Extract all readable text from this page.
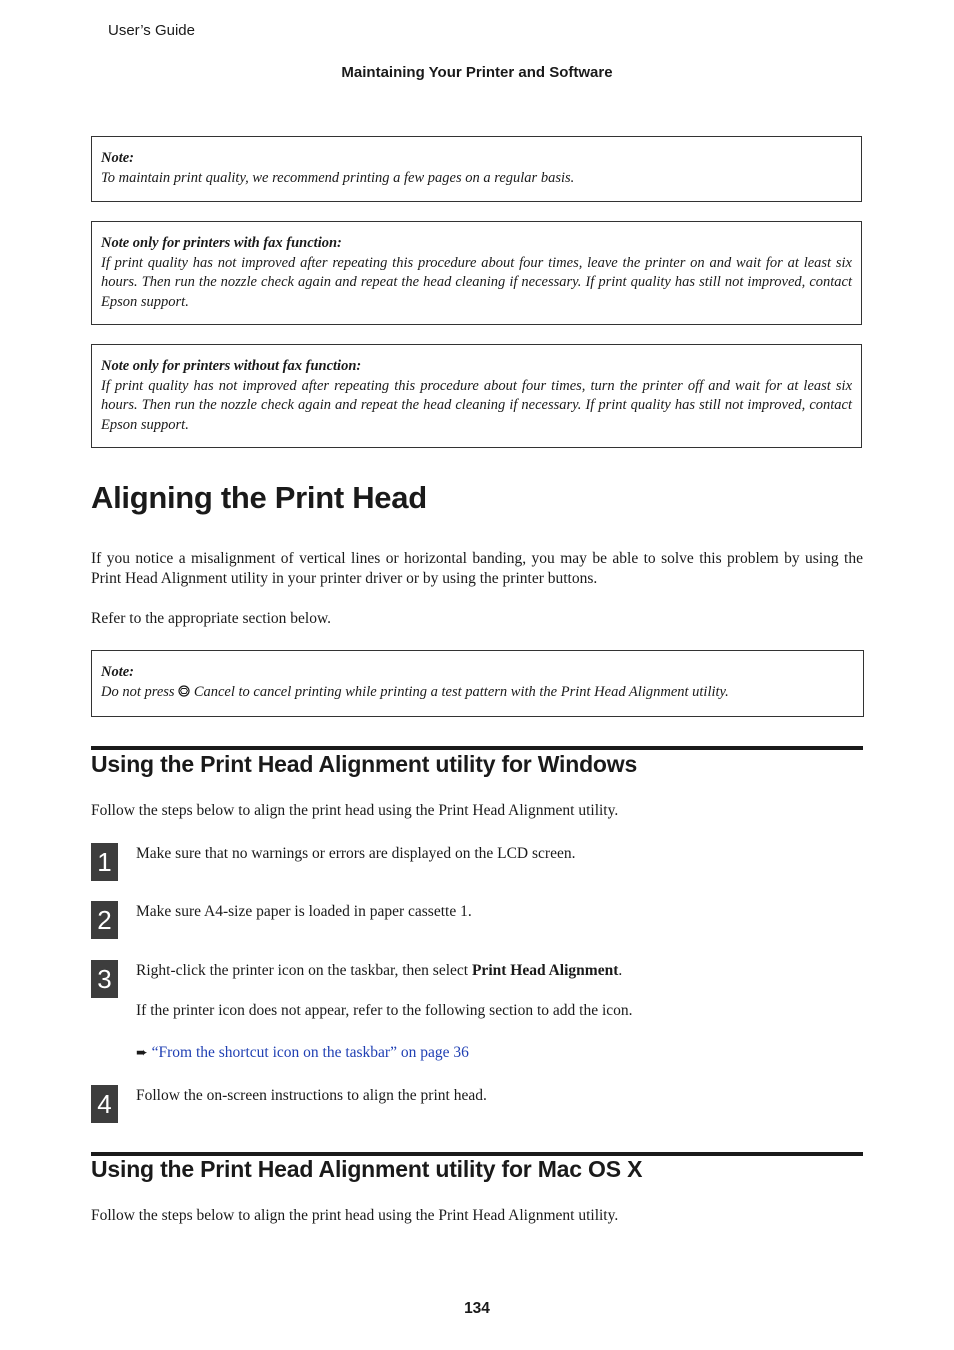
User’s Guide
Maintaining Your Printer and Software
Note:
To maintain print quality, we recommend printing a few pages on a regular basis.
Note only for printers with fax function:
If print quality has not improved after repeating this procedure about four times, leave the printer on and wait for at least six hours. Then run the nozzle check again and repeat the head cleaning if necessary. If print quality has still not improved, contact Epson support.
Note only for printers without fax function:
If print quality has not improved after repeating this procedure about four times, turn the printer off and wait for at least six hours. Then run the nozzle check again and repeat the head cleaning if necessary. If print quality has still not improved, contact Epson support.
Aligning the Print Head

If you notice a misalignment of vertical lines or horizontal banding, you may be able to solve this problem by using the Print Head Alignment utility in your printer driver or by using the printer buttons.

Refer to the appropriate section below.

Note:
Do not press Cancel to cancel printing while printing a test pattern with the Print Head Alignment utility.
Using the Print Head Alignment utility for Windows

Follow the steps below to align the print head using the Print Head Alignment utility.

1	Make sure that no warnings or errors are displayed on the LCD screen.

2	Make sure A4-size paper is loaded in paper cassette 1.

3	Right-click the printer icon on the taskbar, then select Print Head Alignment.

If the printer icon does not appear, refer to the following section to add the icon.

➨ “From the shortcut icon on the taskbar” on page 36
4	Follow the on-screen instructions to align the print head.

Using the Print Head Alignment utility for Mac OS X

Follow the steps below to align the print head using the Print Head Alignment utility.

134
